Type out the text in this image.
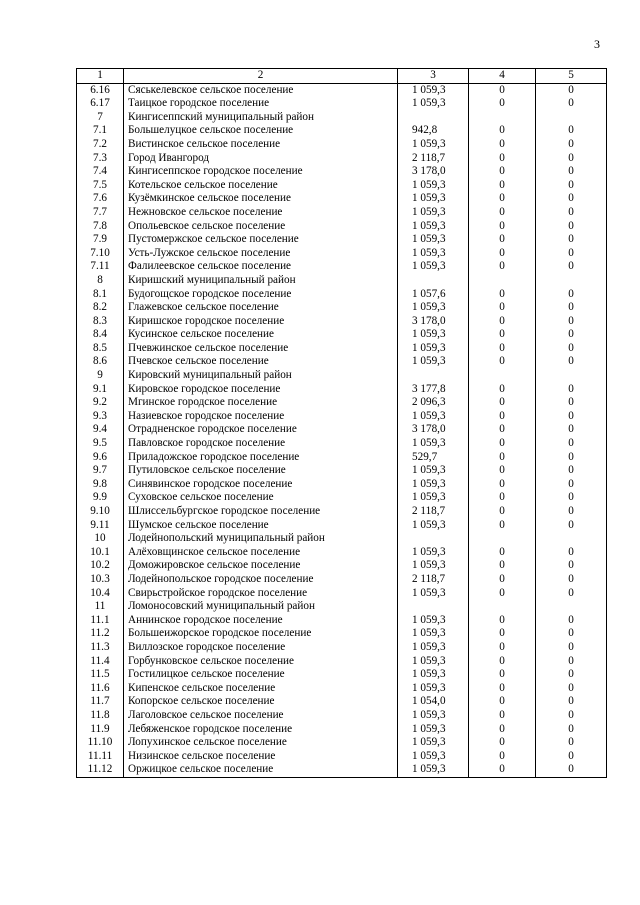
3
1	2	3	4	5
6.16	Сяськелевское сельское поселение	1 059,3	0	0
6.17	Таицкое городское поселение	1 059,3	0	0
7	Кингисеппский муниципальный район			
7.1	Большелуцкое сельское поселение	942,8	0	0
7.2	Вистинское сельское поселение	1 059,3	0	0
7.3	Город Ивангород	2 118,7	0	0
7.4	Кингисеппское городское поселение	3 178,0	0	0
7.5	Котельское сельское поселение	1 059,3	0	0
7.6	Кузёмкинское сельское поселение	1 059,3	0	0
7.7	Нежновское сельское поселение	1 059,3	0	0
7.8	Опольевское сельское поселение	1 059,3	0	0
7.9	Пустомержское сельское поселение	1 059,3	0	0
7.10	Усть-Лужское сельское поселение	1 059,3	0	0
7.11	Фалилеевское сельское поселение	1 059,3	0	0
8	Киришский муниципальный район			
8.1	Будогощское городское поселение	1 057,6	0	0
8.2	Глажевское сельское поселение	1 059,3	0	0
8.3	Киришское городское поселение	3 178,0	0	0
8.4	Кусинское сельское поселение	1 059,3	0	0
8.5	Пчевжинское сельское поселение	1 059,3	0	0
8.6	Пчевское сельское поселение	1 059,3	0	0
9	Кировский муниципальный район			
9.1	Кировское городское поселение	3 177,8	0	0
9.2	Мгинское городское поселение	2 096,3	0	0
9.3	Назиевское городское поселение	1 059,3	0	0
9.4	Отрадненское городское поселение	3 178,0	0	0
9.5	Павловское городское поселение	1 059,3	0	0
9.6	Приладожское городское поселение	529,7	0	0
9.7	Путиловское сельское поселение	1 059,3	0	0
9.8	Синявинское городское поселение	1 059,3	0	0
9.9	Суховское сельское поселение	1 059,3	0	0
9.10	Шлиссельбургское городское поселение	2 118,7	0	0
9.11	Шумское сельское поселение	1 059,3	0	0
10	Лодейнопольский муниципальный район			
10.1	Алёховщинское сельское поселение	1 059,3	0	0
10.2	Доможировское сельское поселение	1 059,3	0	0
10.3	Лодейнопольское городское поселение	2 118,7	0	0
10.4	Свирьстройское городское поселение	1 059,3	0	0
11	Ломоносовский муниципальный район			
11.1	Аннинское городское поселение	1 059,3	0	0
11.2	Большеижорское городское поселение	1 059,3	0	0
11.3	Виллозское городское поселение	1 059,3	0	0
11.4	Горбунковское сельское поселение	1 059,3	0	0
11.5	Гостилицкое сельское поселение	1 059,3	0	0
11.6	Кипенское сельское поселение	1 059,3	0	0
11.7	Копорское сельское поселение	1 054,0	0	0
11.8	Лаголовское сельское поселение	1 059,3	0	0
11.9	Лебяженское городское поселение	1 059,3	0	0
11.10	Лопухинское сельское поселение	1 059,3	0	0
11.11	Низинское сельское поселение	1 059,3	0	0
11.12	Оржицкое сельское поселение	1 059,3	0	0
